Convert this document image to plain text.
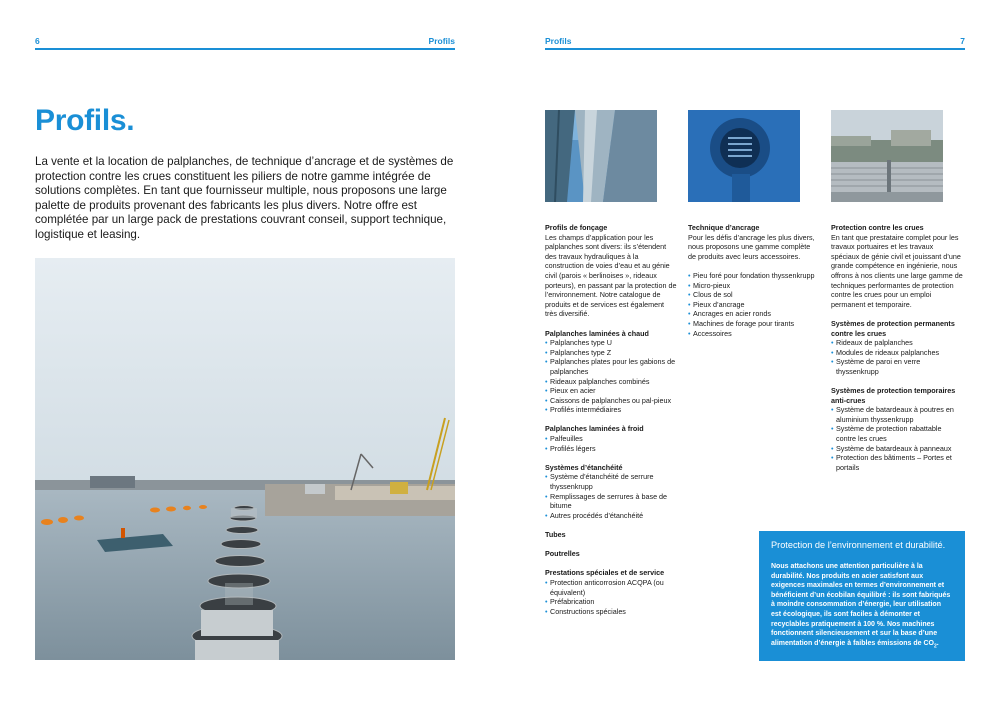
6	Profils
Profils.

La vente et la location de palplanches, de technique d’ancrage et de systèmes de protection contre les crues constituent les piliers de notre gamme intégrée de solutions complètes. En tant que fournisseur multiple, nous proposons une large palette de produits provenant des fabricants les plus divers. Notre offre est complétée par un large pack de prestations couvrant conseil, support technique, logistique et leasing.

Profils	7
Profils de fonçage
Les champs d’application pour les palplanches sont divers: ils s’étendent des travaux hydrauliques à la construction de voies d’eau et au génie civil (parois « berlinoises », rideaux porteurs), en passant par la protection de l’environnement. Notre catalogue de produits et de services est également très diversifié.
Palplanches laminées à chaud
• Palplanches type U
• Palplanches type Z
• Palplanches plates pour les gabions de palplanches
• Rideaux palplanches combinés
• Pieux en acier
• Caissons de palplanches ou pal-pieux
• Profilés intermédiaires
Palplanches laminées à froid
• Palfeuilles
• Profilés légers
Systèmes d’étanchéité
• Système d’étanchéité de serrure thyssenkrupp
• Remplissages de serrures à base de bitume
• Autres procédés d’étanchéité
Tubes
Poutrelles
Prestations spéciales et de service
• Protection anticorrosion ACQPA (ou équivalent)
• Préfabrication
• Constructions spéciales
Technique d’ancrage
Pour les défis d’ancrage les plus divers, nous proposons une gamme complète de produits avec leurs accessoires.
• Pieu foré pour fondation thyssenkrupp
• Micro-pieux
• Clous de sol
• Pieux d’ancrage
• Ancrages en acier ronds
• Machines de forage pour tirants
• Accessoires
Protection contre les crues
En tant que prestataire complet pour les travaux portuaires et les travaux spéciaux de génie civil et jouissant d’une grande compétence en ingénierie, nous offrons à nos clients une large gamme de techniques performantes de protection contre les crues pour un emploi permanent et temporaire.
Systèmes de protection permanents contre les crues
• Rideaux de palplanches
• Modules de rideaux palplanches
• Système de paroi en verre thyssenkrupp
Systèmes de protection temporaires anti-crues
• Système de batardeaux à poutres en aluminium thyssenkrupp
• Système de protection rabattable contre les crues
• Système de batardeaux à panneaux
• Protection des bâtiments – Portes et portails
Protection de l’environnement et durabilité.
Nous attachons une attention particulière à la durabilité. Nos produits en acier satisfont aux exigences maximales en termes d’environnement et bénéficient d’un écobilan équilibré : ils sont fabriqués à moindre consommation d’énergie, leur utilisation est écologique, ils sont faciles à démonter et recyclables pratiquement à 100 %. Nos machines fonctionnent silencieusement et sur la base d’une alimentation d’énergie à faibles émissions de $CO_2$.
